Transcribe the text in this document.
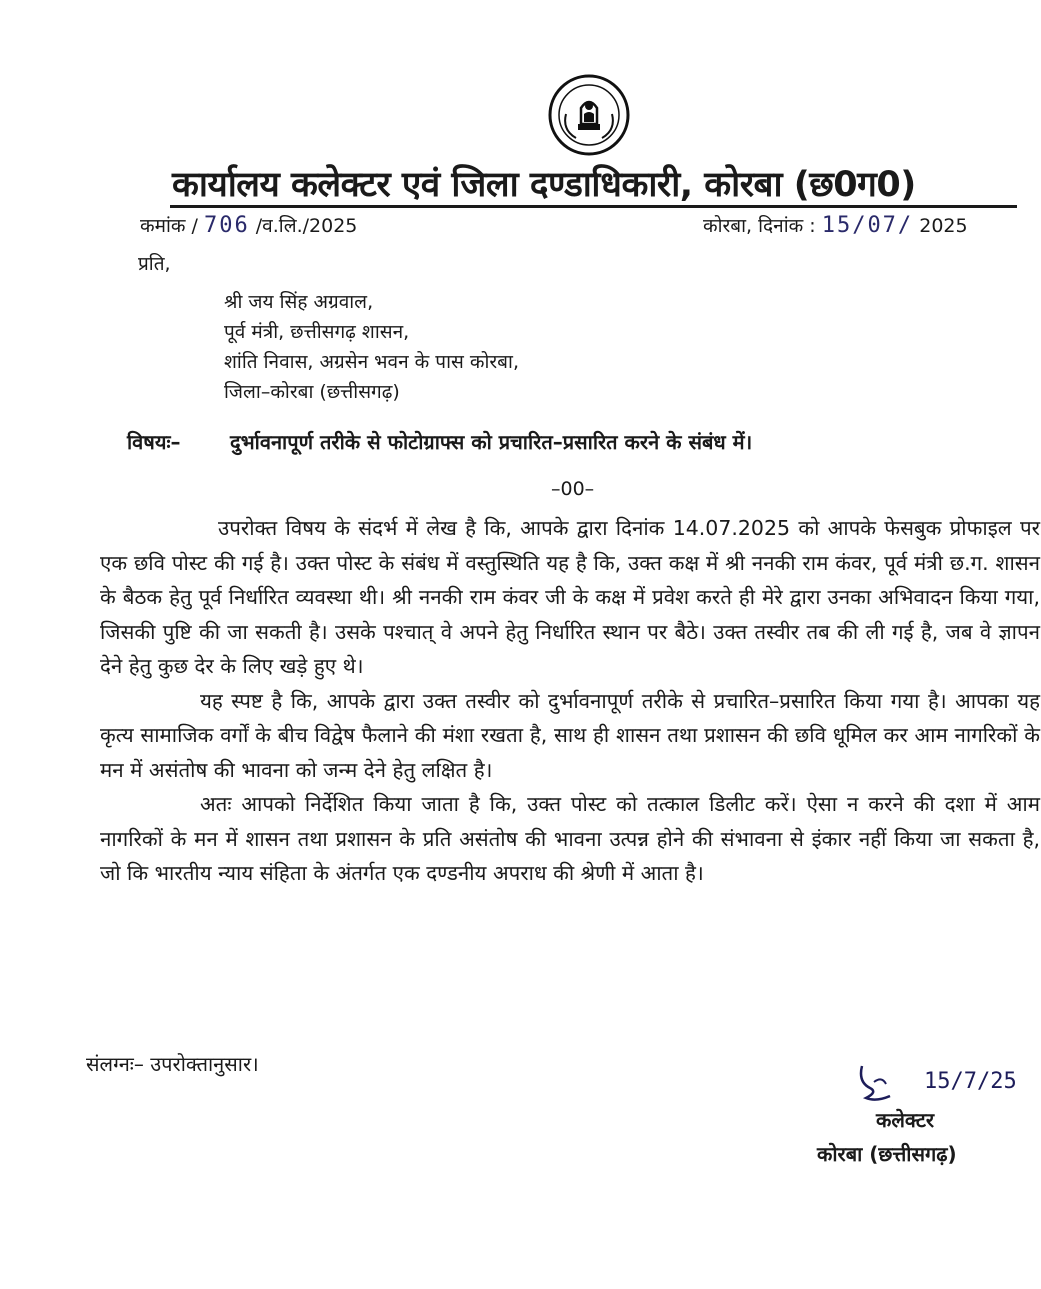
कार्यालय कलेक्टर एवं जिला दण्डाधिकारी, कोरबा (छ0ग0)
कमांक / 706 /व.लि./2025	कोरबा, दिनांक : 15/07/ 2025
प्रति,
श्री जय सिंह अग्रवाल,
पूर्व मंत्री, छत्तीसगढ़ शासन,
शांति निवास, अग्रसेन भवन के पास कोरबा,
जिला–कोरबा (छत्तीसगढ़)
विषयः– दुर्भावनापूर्ण तरीके से फोटोग्राफ्स को प्रचारित–प्रसारित करने के संबंध में।
–00–

उपरोक्त विषय के संदर्भ में लेख है कि, आपके द्वारा दिनांक 14.07.2025 को आपके फेसबुक प्रोफाइल पर एक छवि पोस्ट की गई है। उक्त पोस्ट के संबंध में वस्तुस्थिति यह है कि, उक्त कक्ष में श्री ननकी राम कंवर, पूर्व मंत्री छ.ग. शासन के बैठक हेतु पूर्व निर्धारित व्यवस्था थी। श्री ननकी राम कंवर जी के कक्ष में प्रवेश करते ही मेरे द्वारा उनका अभिवादन किया गया, जिसकी पुष्टि की जा सकती है। उसके पश्चात् वे अपने हेतु निर्धारित स्थान पर बैठे। उक्त तस्वीर तब की ली गई है, जब वे ज्ञापन देने हेतु कुछ देर के लिए खड़े हुए थे।

यह स्पष्ट है कि, आपके द्वारा उक्त तस्वीर को दुर्भावनापूर्ण तरीके से प्रचारित–प्रसारित किया गया है। आपका यह कृत्य सामाजिक वर्गों के बीच विद्वेष फैलाने की मंशा रखता है, साथ ही शासन तथा प्रशासन की छवि धूमिल कर आम नागरिकों के मन में असंतोष की भावना को जन्म देने हेतु लक्षित है।

अतः आपको निर्देशित किया जाता है कि, उक्त पोस्ट को तत्काल डिलीट करें। ऐसा न करने की दशा में आम नागरिकों के मन में शासन तथा प्रशासन के प्रति असंतोष की भावना उत्पन्न होने की संभावना से इंकार नहीं किया जा सकता है, जो कि भारतीय न्याय संहिता के अंतर्गत एक दण्डनीय अपराध की श्रेणी में आता है।

संलग्नः– उपरोक्तानुसार।
15/7/25
कलेक्टर
कोरबा (छत्तीसगढ़)
